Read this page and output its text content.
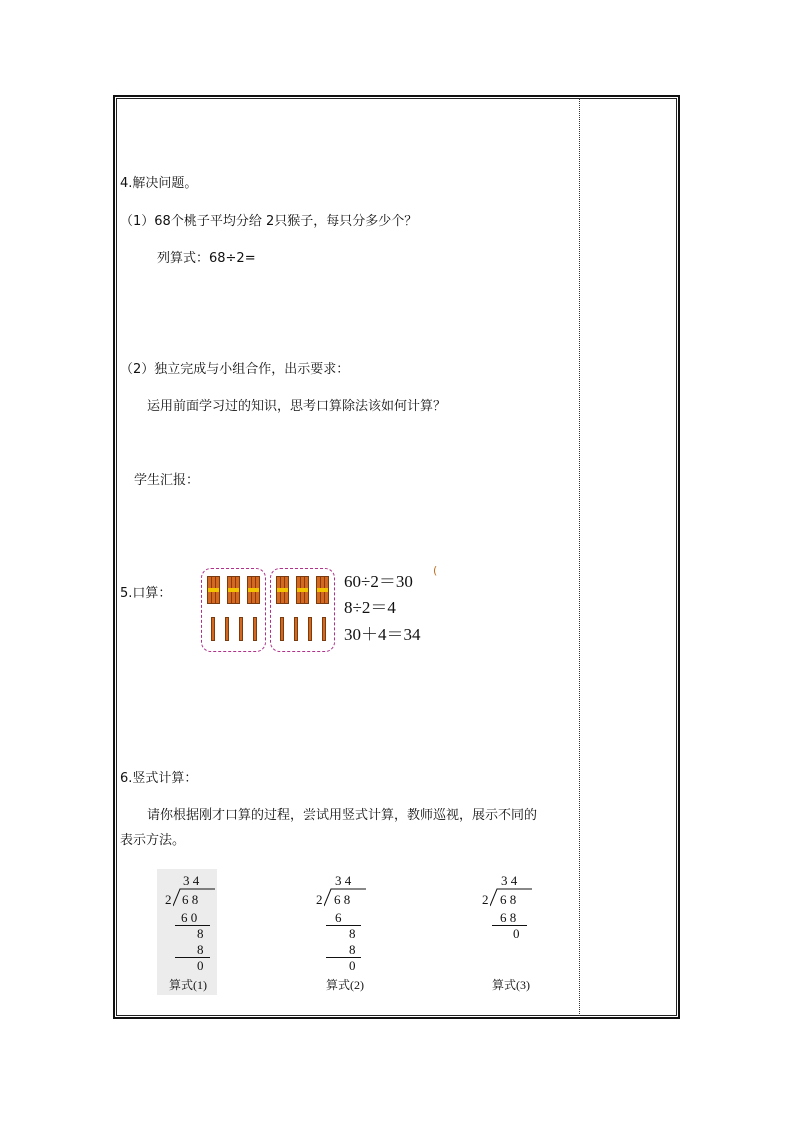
4.解决问题。
（1）68个桃子平均分给 2只猴子，每只分多少个？
列算式：68÷2=
（2）独立完成与小组合作，出示要求：
运用前面学习过的知识，思考口算除法该如何计算？
学生汇报：
5.口算：
60÷2＝30
8÷2＝4
30＋4＝34
(
6.竖式计算：
请你根据刚才口算的过程，尝试用竖式计算，教师巡视，展示不同的
表示方法。
3 4
2 6 8
6 0
8
8
0
算式(1)
3 4
2 6 8
6
8
8
0
算式(2)
3 4
2 6 8
6 8
0
算式(3)
